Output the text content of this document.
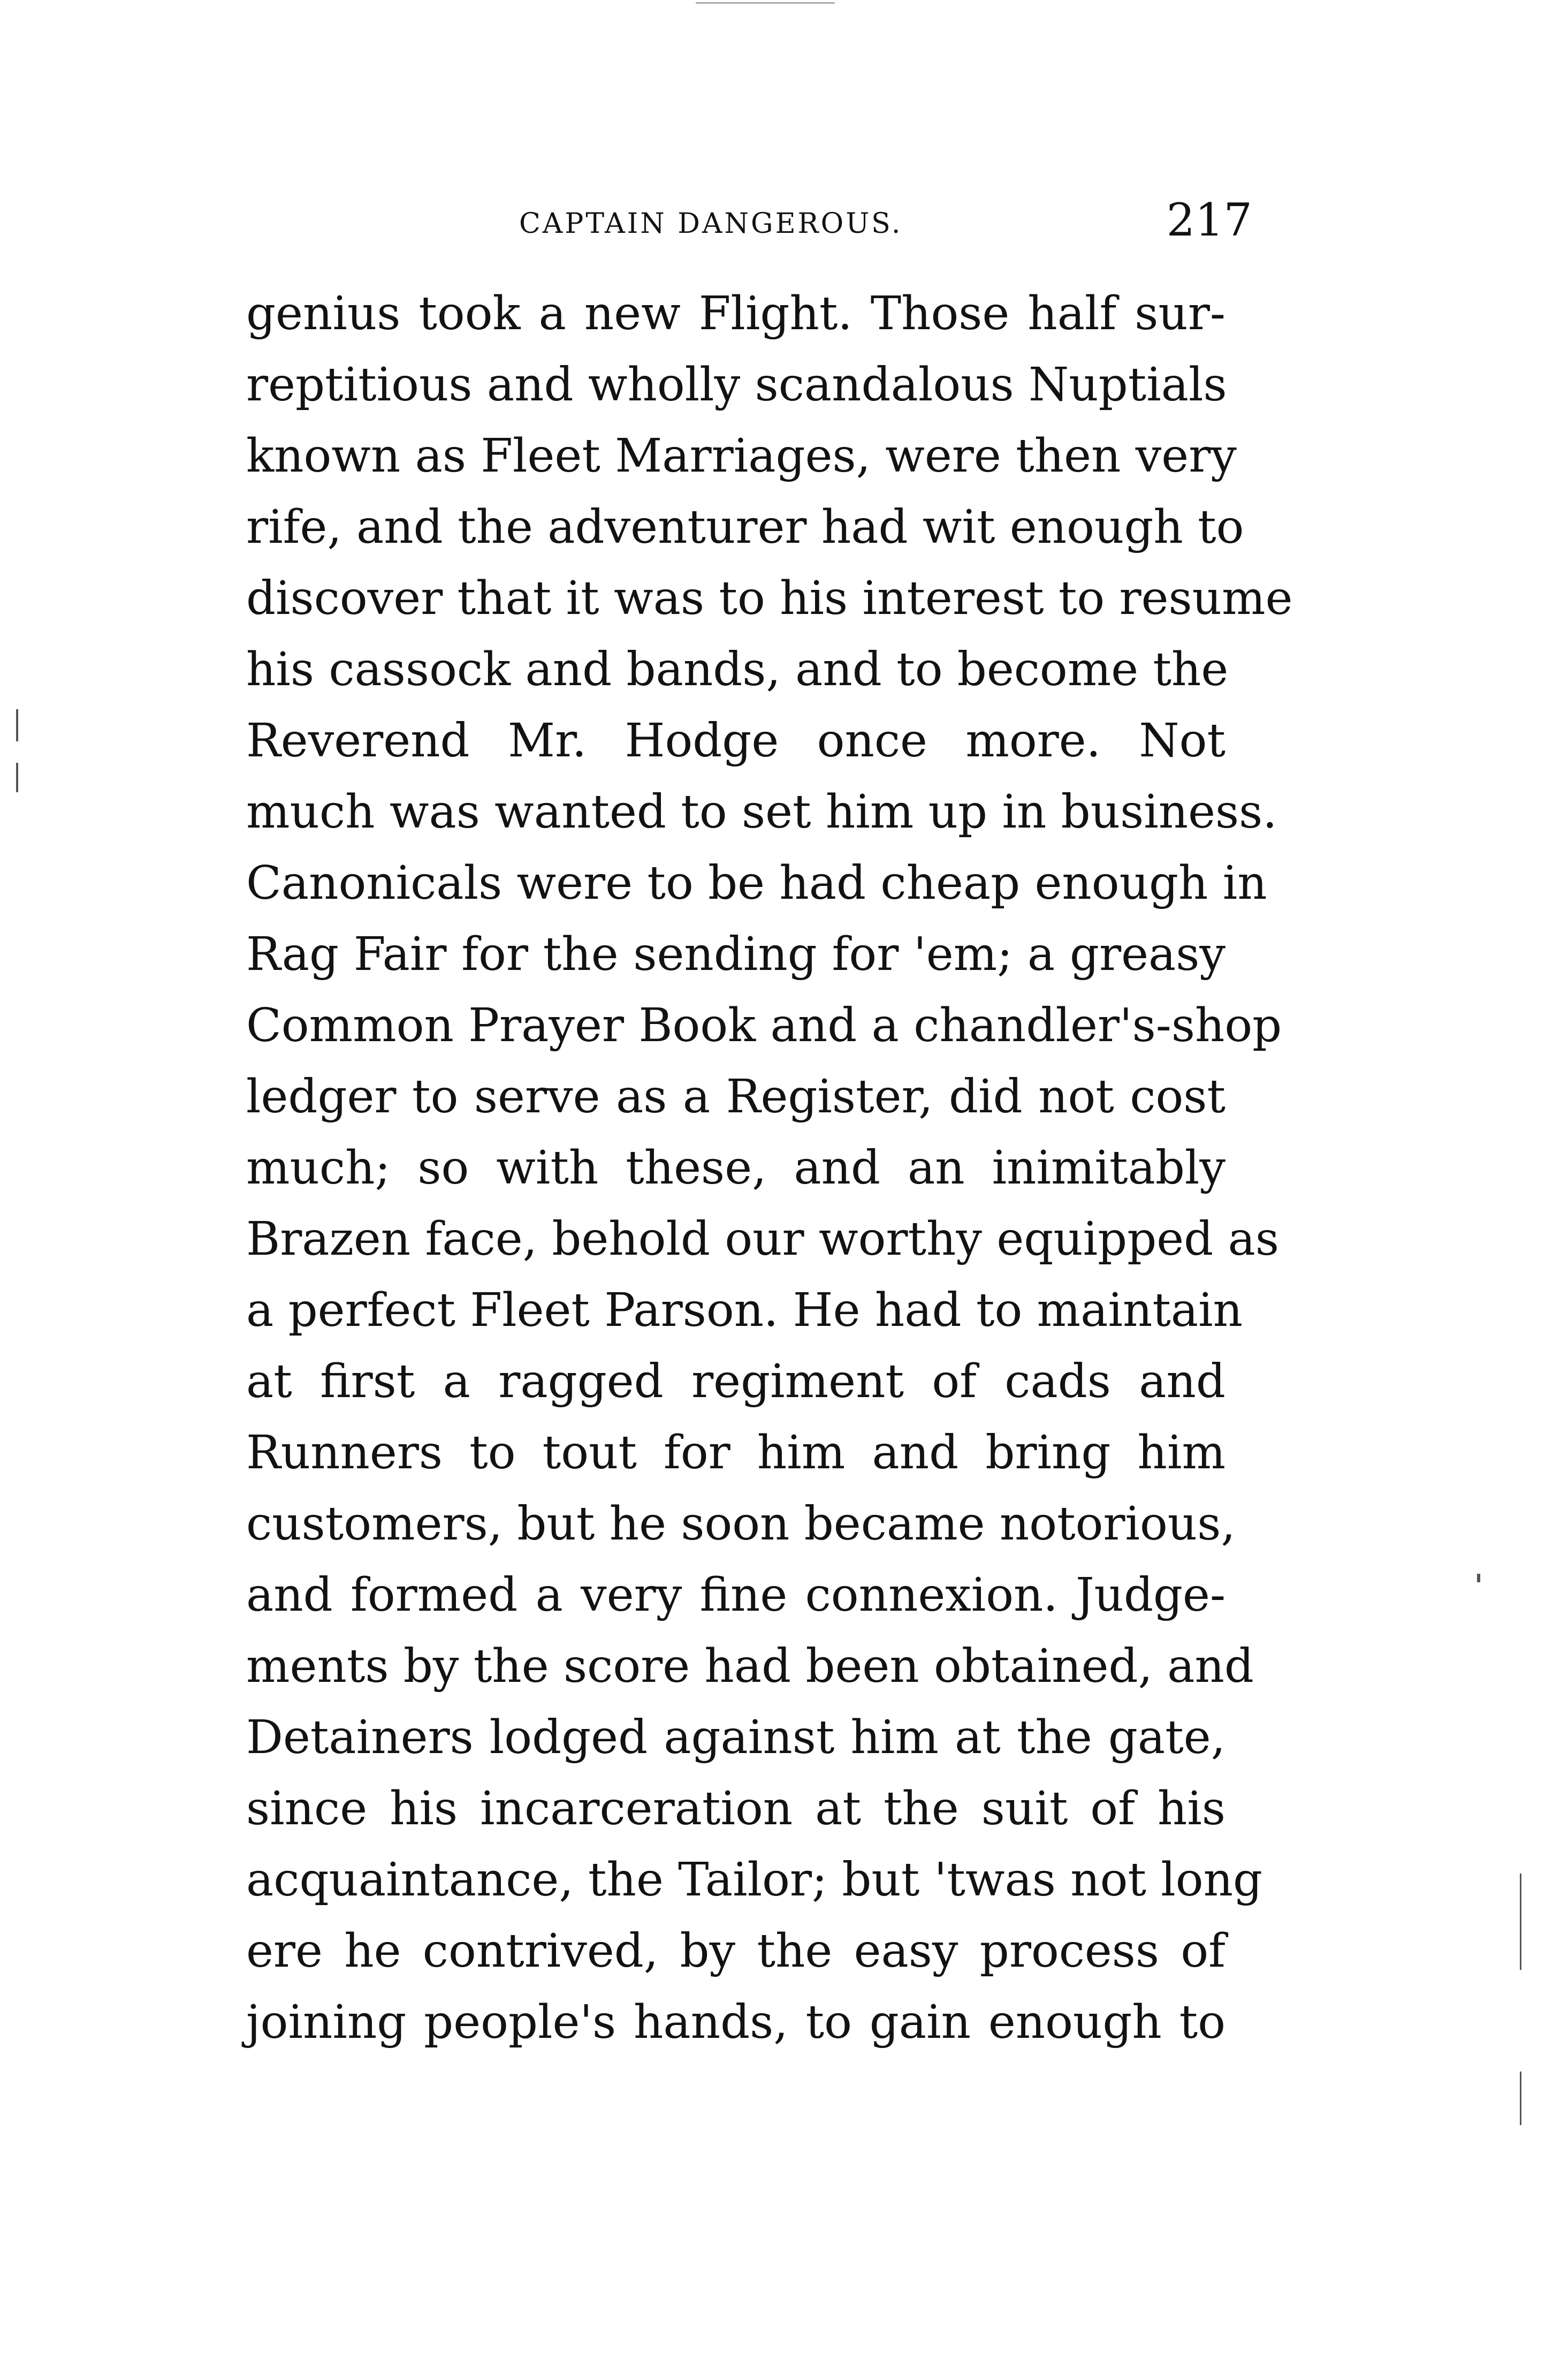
CAPTAIN DANGEROUS.	217
genius took a new Flight. Those half sur-
reptitious and wholly scandalous Nuptials
known as Fleet Marriages, were then very
rife, and the adventurer had wit enough to
discover that it was to his interest to resume
his cassock and bands, and to become the
Reverend Mr. Hodge once more. Not
much was wanted to set him up in business.
Canonicals were to be had cheap enough in
Rag Fair for the sending for 'em; a greasy
Common Prayer Book and a chandler's-shop
ledger to serve as a Register, did not cost
much; so with these, and an inimitably
Brazen face, behold our worthy equipped as
a perfect Fleet Parson. He had to maintain
at first a ragged regiment of cads and
Runners to tout for him and bring him
customers, but he soon became notorious,
and formed a very fine connexion. Judge-
ments by the score had been obtained, and
Detainers lodged against him at the gate,
since his incarceration at the suit of his
acquaintance, the Tailor; but 'twas not long
ere he contrived, by the easy process of
joining people's hands, to gain enough to
